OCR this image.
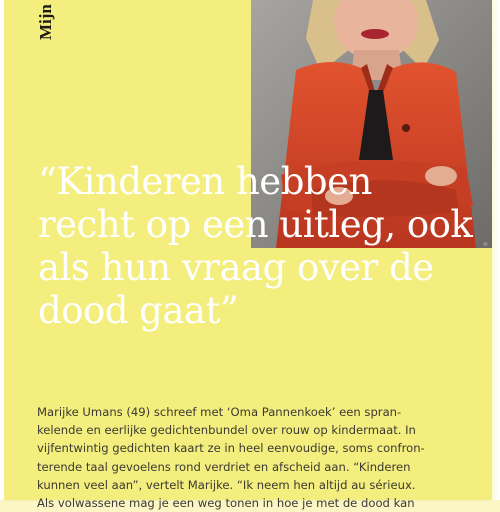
Mijn
©
“Kinderen hebben
recht op een uitleg, ook
als hun vraag over de
dood gaat”
Marijke Umans (49) schreef met ‘Oma Pannenkoek’ een spran-
kelende en eerlijke gedichtenbundel over rouw op kindermaat. In
vijfentwintig gedichten kaart ze in heel eenvoudige, soms confron-
terende taal gevoelens rond verdriet en afscheid aan. “Kinderen
kunnen veel aan”, vertelt Marijke. “Ik neem hen altijd au sérieux.
Als volwassene mag je een weg tonen in hoe je met de dood kan
